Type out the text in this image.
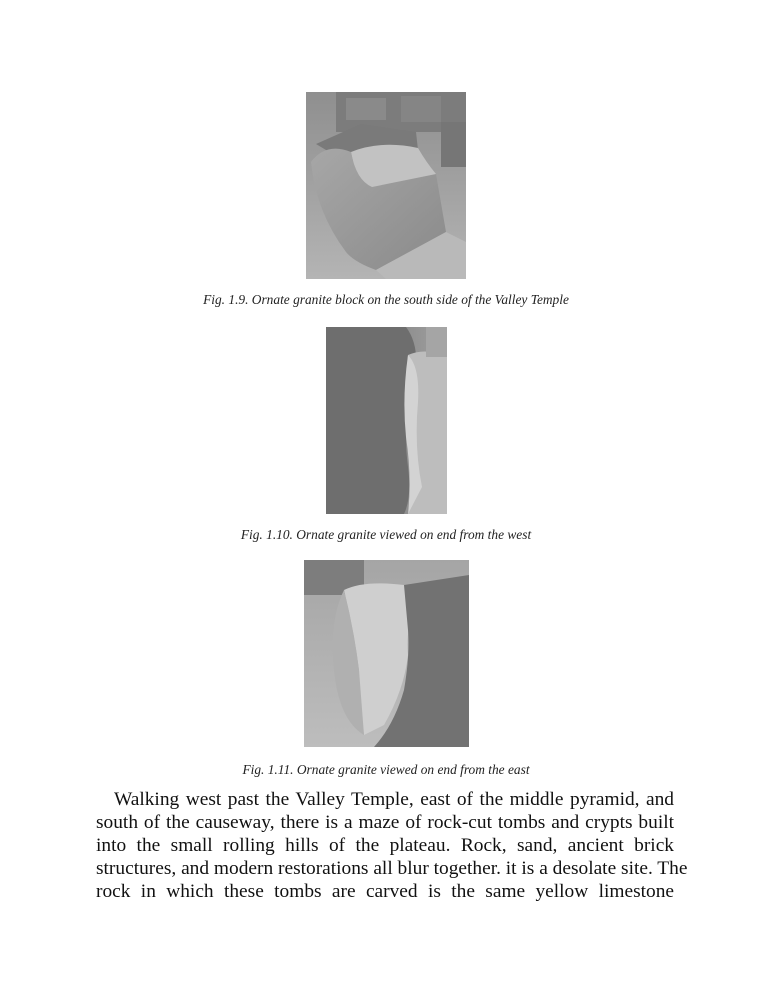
Fig. 1.9. Ornate granite block on the south side of the Valley Temple
Fig. 1.10. Ornate granite viewed on end from the west
Fig. 1.11. Ornate granite viewed on end from the east
Walking west past the Valley Temple, east of the middle pyramid, and
south of the causeway, there is a maze of rock-cut tombs and crypts built
into the small rolling hills of the plateau. Rock, sand, ancient brick
structures, and modern restorations all blur together. it is a desolate site. The
rock in which these tombs are carved is the same yellow limestone
